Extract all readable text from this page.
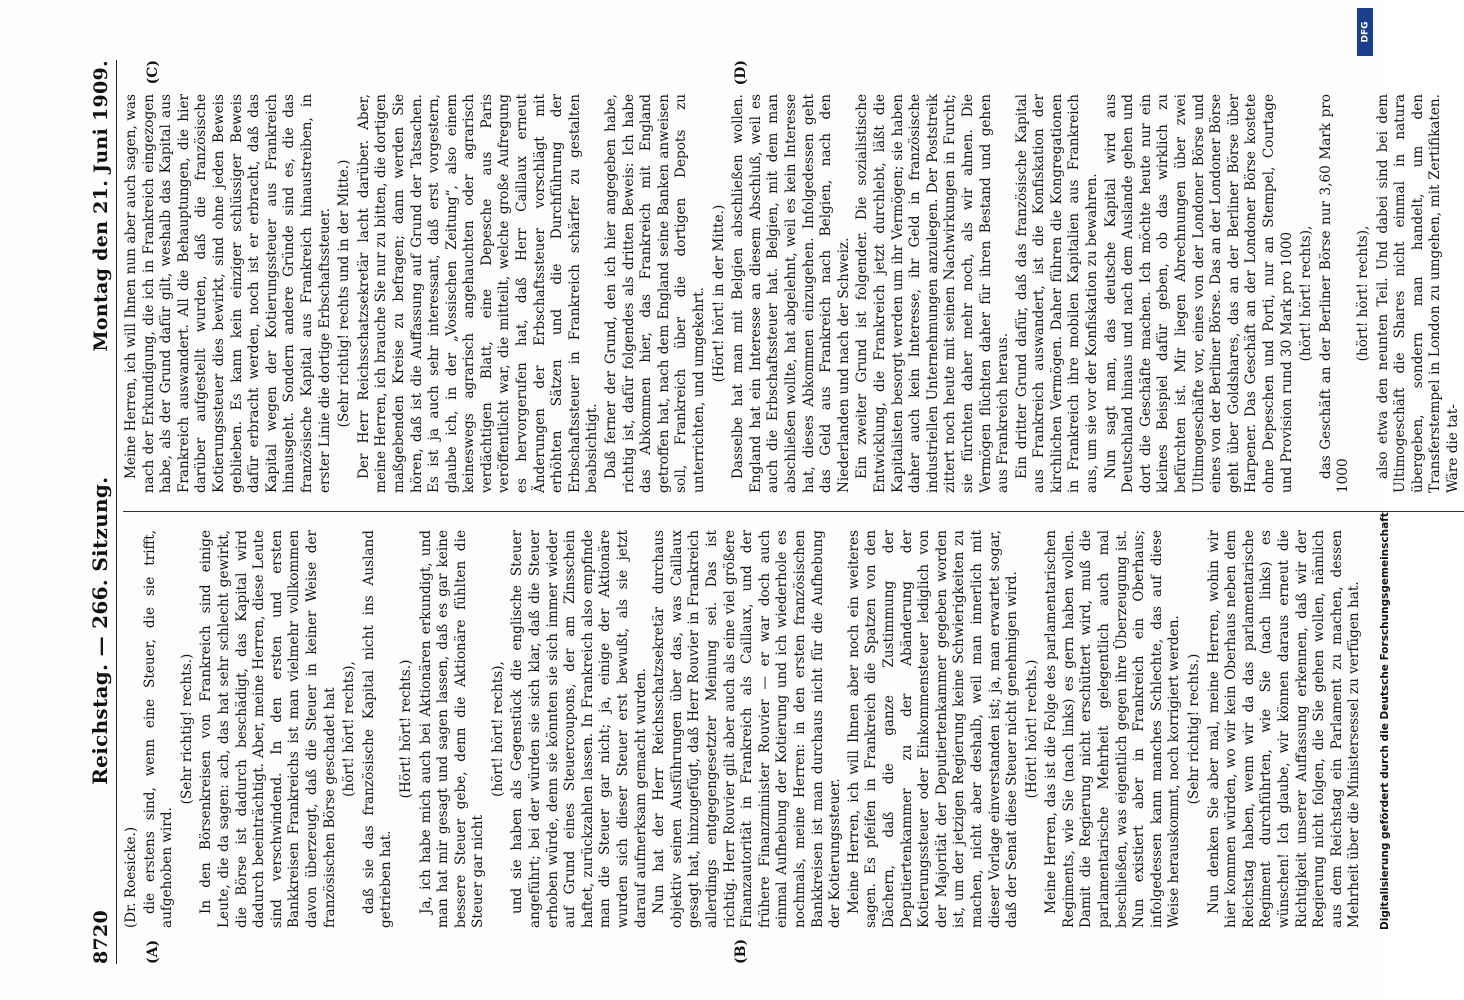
8720
Reichstag. — 266. Sitzung.
Montag den 21. Juni 1909.
(A)	(B)
(C)	(D)

(Dr. Roesicke.) die erstens sind, wenn eine Steuer, die sie trifft, aufgehoben wird.

(Sehr richtig! rechts.) In den Börsenkreisen von Frankreich sind einige Leute, die da sagen: ach, das hat sehr schlecht gewirkt, die Börse ist dadurch beschädigt, das Kapital wird dadurch beeinträchtigt. Aber, meine Herren, diese Leute sind verschwindend. In den ersten und ersten Bankkreisen Frankreichs ist man vielmehr vollkommen davon überzeugt, daß die Steuer in keiner Weise der französischen Börse geschadet hat (hört! hört! rechts), daß sie das französische Kapital nicht ins Ausland getrieben hat.

(Hört! hört! rechts.) Ja, ich habe mich auch bei Aktionären erkundigt, und man hat mir gesagt und sagen lassen, daß es gar keine bessere Steuer gebe, denn die Aktionäre fühlten die Steuer gar nicht

(hört! hört! rechts), und sie haben als Gegenstück die englische Steuer angeführt; bei der würden sie sich klar, daß die Steuer erhoben würde, denn sie könnten sie sich immer wieder auf Grund eines Steuercoupons, der am Zinsschein haftet, zurückzahlen lassen. In Frankreich also empfinde man die Steuer gar nicht; ja, einige der Aktionäre wurden sich dieser Steuer erst bewußt, als sie jetzt darauf aufmerksam gemacht wurden. Nun hat der Herr Reichsschatzsekretär durchaus objektiv seinen Ausführungen über das, was Caillaux gesagt hat, hinzugefügt, daß Herr Rouvier in Frankreich allerdings entgegengesetzter Meinung sei. Das ist richtig. Herr Rouvier gilt aber auch als eine viel größere Finanzautorität in Frankreich als Caillaux, und der frühere Finanzminister Rouvier — er war doch auch einmal Aufhebung der Kotierung und ich wiederhole es nochmals, meine Herren: in den ersten französischen Bankkreisen ist man durchaus nicht für die Aufhebung der Kotierungssteuer. Meine Herren, ich will Ihnen aber noch ein weiteres sagen. Es pfeifen in Frankreich die Spatzen von den Dächern, daß die ganze Zustimmung der Deputiertenkammer zu der Abänderung der Kotierungssteuer oder Einkommensteuer lediglich von der Majorität der Deputiertenkammer gegeben worden ist, um der jetzigen Regierung keine Schwierigkeiten zu machen, nicht aber deshalb, weil man innerlich mit dieser Vorlage einverstanden ist; ja, man erwartet sogar, daß der Senat diese Steuer nicht genehmigen wird. (Hört! hört! rechts.) Meine Herren, das ist die Folge des parlamentarischen Regiments, wie Sie (nach links) es gern haben wollen. Damit die Regierung nicht erschüttert wird, muß die parlamentarische Mehrheit gelegentlich auch mal beschließen, was eigentlich gegen ihre Überzeugung ist. Nun existiert aber in Frankreich ein Oberhaus; infolgedessen kann manches Schlechte, das auf diese Weise herauskommt, noch korrigiert werden. (Sehr richtig! rechts.) Nun denken Sie aber mal, meine Herren, wohin wir hier kommen würden, wo wir kein Oberhaus neben dem Reichstag haben, wenn wir da das parlamentarische Regiment durchführten, wie Sie (nach links) es wünschen! Ich glaube, wir können daraus erneut die Richtigkeit unserer Auffassung erkennen, daß wir der Regierung nicht folgen, die Sie gehen wollen, nämlich aus dem Reichstag ein Parlament zu machen, dessen Mehrheit über die Ministersessel zu verfügen hat.

Meine Herren, ich will Ihnen nun aber auch sagen, was nach der Erkundigung, die ich in Frankreich eingezogen habe, als der Grund dafür gilt, weshalb das Kapital aus Frankreich auswandert. All die Behauptungen, die hier darüber aufgestellt wurden, daß die französische Kotierungssteuer dies bewirkt, sind ohne jeden Beweis geblieben. Es kann kein einziger schlüssiger Beweis dafür erbracht werden, noch ist er erbracht, daß das Kapital wegen der Kotierungssteuer aus Frankreich hinausgeht. Sondern andere Gründe sind es, die das französische Kapital aus Frankreich hinaustreiben, in erster Linie die dortige Erbschaftssteuer. (Sehr richtig! rechts und in der Mitte.) Der Herr Reichsschatzsekretär lacht darüber. Aber, meine Herren, ich brauche Sie nur zu bitten, die dortigen maßgebenden Kreise zu befragen; dann werden Sie hören, daß ist die Auffassung auf Grund der Tatsachen. Es ist ja auch sehr interessant, daß erst vorgestern, glaube ich, in der „Vossischen Zeitung“, also einem keineswegs agrarisch angehauchten oder agrarisch verdächtigen Blatt, eine Depesche aus Paris veröffentlicht war, die mitteilt, welche große Aufregung es hervorgerufen hat, daß Herr Caillaux erneut Änderungen der Erbschaftssteuer vorschlägt mit erhöhten Sätzen und die Durchführung der Erbschaftssteuer in Frankreich schärfer zu gestalten beabsichtigt. Daß ferner der Grund, den ich hier angegeben habe, richtig ist, dafür folgendes als dritten Beweis: Ich habe das Abkommen hier, das Frankreich mit England getroffen hat, nach dem England seine Banken anweisen soll, Frankreich über die dortigen Depots zu unterrichten, und umgekehrt. (Hört! hört! in der Mitte.) Dasselbe hat man mit Belgien abschließen wollen. England hat ein Interesse an diesem Abschluß, weil es auch die Erbschaftssteuer hat. Belgien, mit dem man abschließen wollte, hat abgelehnt, weil es kein Interesse hat, dieses Abkommen einzugehen. Infolgedessen geht das Geld aus Frankreich nach Belgien, nach den Niederlanden und nach der Schweiz. Ein zweiter Grund ist folgender. Die sozialistische Entwicklung, die Frankreich jetzt durchlebt, läßt die Kapitalisten besorgt werden um ihr Vermögen; sie haben daher auch kein Interesse, ihr Geld in französische industriellen Unternehmungen anzulegen. Der Poststreik zittert noch heute mit seinen Nachwirkungen in Furcht; sie fürchten daher mehr noch, als wir ahnen. Die Vermögen flüchten daher für ihren Bestand und gehen aus Frankreich heraus. Ein dritter Grund dafür, daß das französische Kapital aus Frankreich auswandert, ist die Konfiskation der kirchlichen Vermögen. Daher führen die Kongregationen in Frankreich ihre mobilen Kapitalien aus Frankreich aus, um sie vor der Konfiskation zu bewahren. Nun sagt man, das deutsche Kapital wird aus Deutschland hinaus und nach dem Auslande gehen und dort die Geschäfte machen. Ich möchte heute nur ein kleines Beispiel dafür geben, ob das wirklich zu befürchten ist. Mir liegen Abrechnungen über zwei Ultimogeschäfte vor, eines von der Londoner Börse und eines von der Berliner Börse. Das an der Londoner Börse geht über Goldshares, das an der Berliner Börse über Harpener. Das Geschäft an der Londoner Börse kostete ohne Depeschen und Porti, nur an Stempel, Courtage und Provision rund 30 Mark pro 1000 (hört! hört! rechts), das Geschäft an der Berliner Börse nur 3,60 Mark pro 1000

(hört! hört! rechts), also etwa den neunten Teil. Und dabei sind bei dem Ultimogeschäft die Shares nicht einmal in natura übergeben, sondern man handelt, um den Transferstempel in London zu umgehen, mit Zertifikaten. Wäre die tat-

DFG
Digitalisierung gefördert durch die Deutsche Forschungsgemeinschaft
